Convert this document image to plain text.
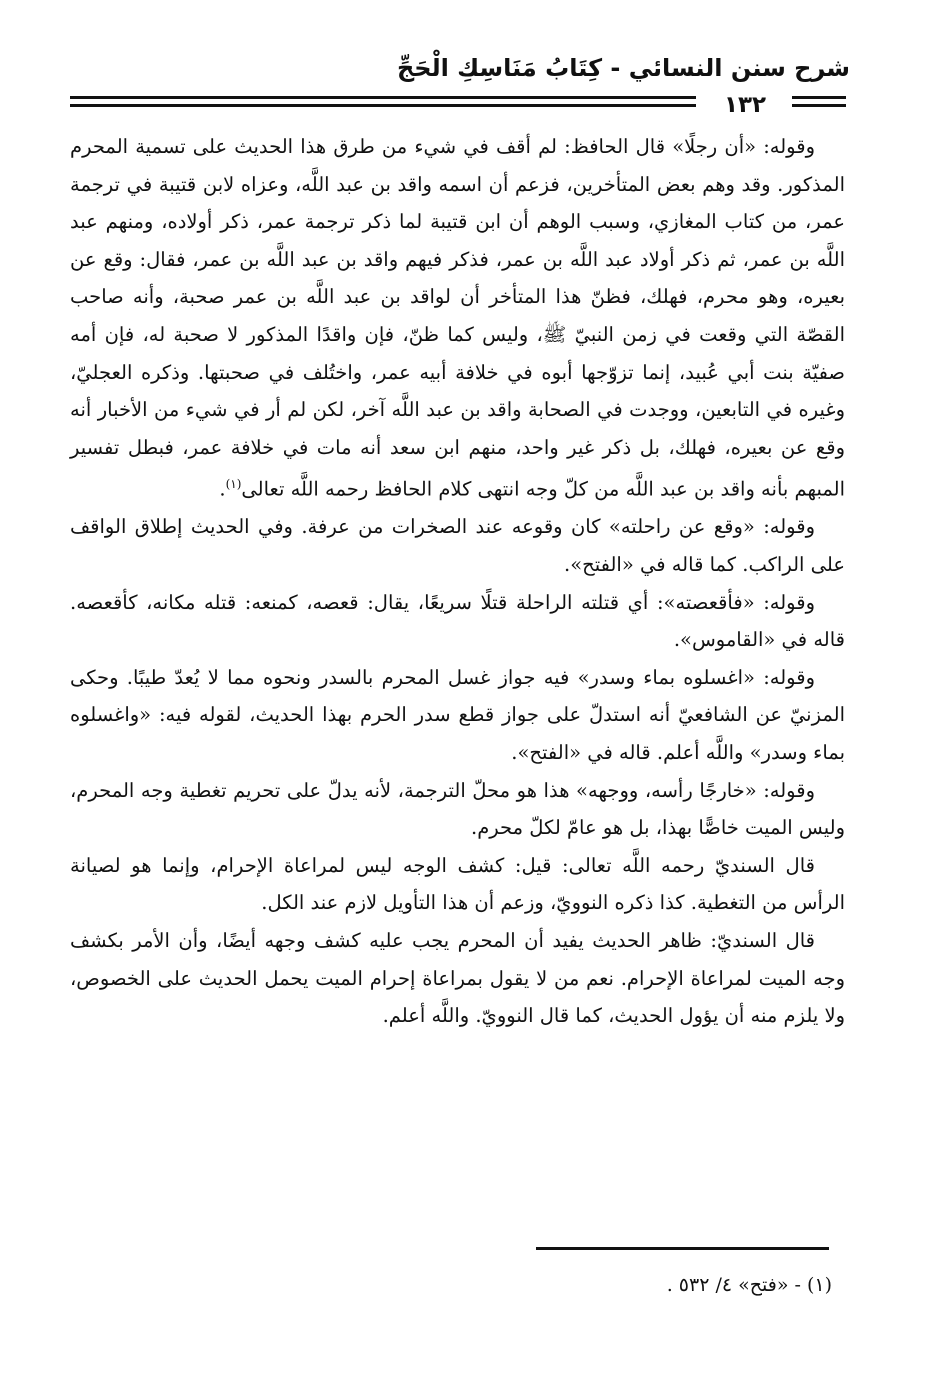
شرح سنن النسائي - كِتَابُ مَنَاسِكِ الْحَجِّ
١٣٢

وقوله: «أن رجلًا» قال الحافظ: لم أقف في شيء من طرق هذا الحديث على تسمية المحرم المذكور. وقد وهم بعض المتأخرين، فزعم أن اسمه واقد بن عبد اللَّه، وعزاه لابن قتيبة في ترجمة عمر، من كتاب المغازي، وسبب الوهم أن ابن قتيبة لما ذكر ترجمة عمر، ذكر أولاده، ومنهم عبد اللَّه بن عمر، ثم ذكر أولاد عبد اللَّه بن عمر، فذكر فيهم واقد بن عبد اللَّه بن عمر، فقال: وقع عن بعيره، وهو محرم، فهلك، فظنّ هذا المتأخر أن لواقد بن عبد اللَّه بن عمر صحبة، وأنه صاحب القصّة التي وقعت في زمن النبيّ ﷺ، وليس كما ظنّ، فإن واقدًا المذكور لا صحبة له، فإن أمه صفيّة بنت أبي عُبيد، إنما تزوّجها أبوه في خلافة أبيه عمر، واختُلف في صحبتها. وذكره العجليّ، وغيره في التابعين، ووجدت في الصحابة واقد بن عبد اللَّه آخر، لكن لم أر في شيء من الأخبار أنه وقع عن بعيره، فهلك، بل ذكر غير واحد، منهم ابن سعد أنه مات في خلافة عمر، فبطل تفسير المبهم بأنه واقد بن عبد اللَّه من كلّ وجه انتهى كلام الحافظ رحمه اللَّه تعالى$^{(١)}$.

وقوله: «وقع عن راحلته» كان وقوعه عند الصخرات من عرفة. وفي الحديث إطلاق الواقف على الراكب. كما قاله في «الفتح».

وقوله: «فأقعصته»: أي قتلته الراحلة قتلًا سريعًا، يقال: قعصه، كمنعه: قتله مكانه، كأقعصه. قاله في «القاموس».

وقوله: «اغسلوه بماء وسدر» فيه جواز غسل المحرم بالسدر ونحوه مما لا يُعدّ طيبًا. وحكى المزنيّ عن الشافعيّ أنه استدلّ على جواز قطع سدر الحرم بهذا الحديث، لقوله فيه: «واغسلوه بماء وسدر» واللَّه أعلم. قاله في «الفتح».

وقوله: «خارجًا رأسه، ووجهه» هذا هو محلّ الترجمة، لأنه يدلّ على تحريم تغطية وجه المحرم، وليس الميت خاصًّا بهذا، بل هو عامّ لكلّ محرم.

قال السنديّ رحمه اللَّه تعالى: قيل: كشف الوجه ليس لمراعاة الإحرام، وإنما هو لصيانة الرأس من التغطية. كذا ذكره النوويّ، وزعم أن هذا التأويل لازم عند الكل.

قال السنديّ: ظاهر الحديث يفيد أن المحرم يجب عليه كشف وجهه أيضًا، وأن الأمر بكشف وجه الميت لمراعاة الإحرام. نعم من لا يقول بمراعاة إحرام الميت يحمل الحديث على الخصوص، ولا يلزم منه أن يؤول الحديث، كما قال النوويّ. واللَّه أعلم.

(١) - «فتح» ٤/ ٥٣٢ .
